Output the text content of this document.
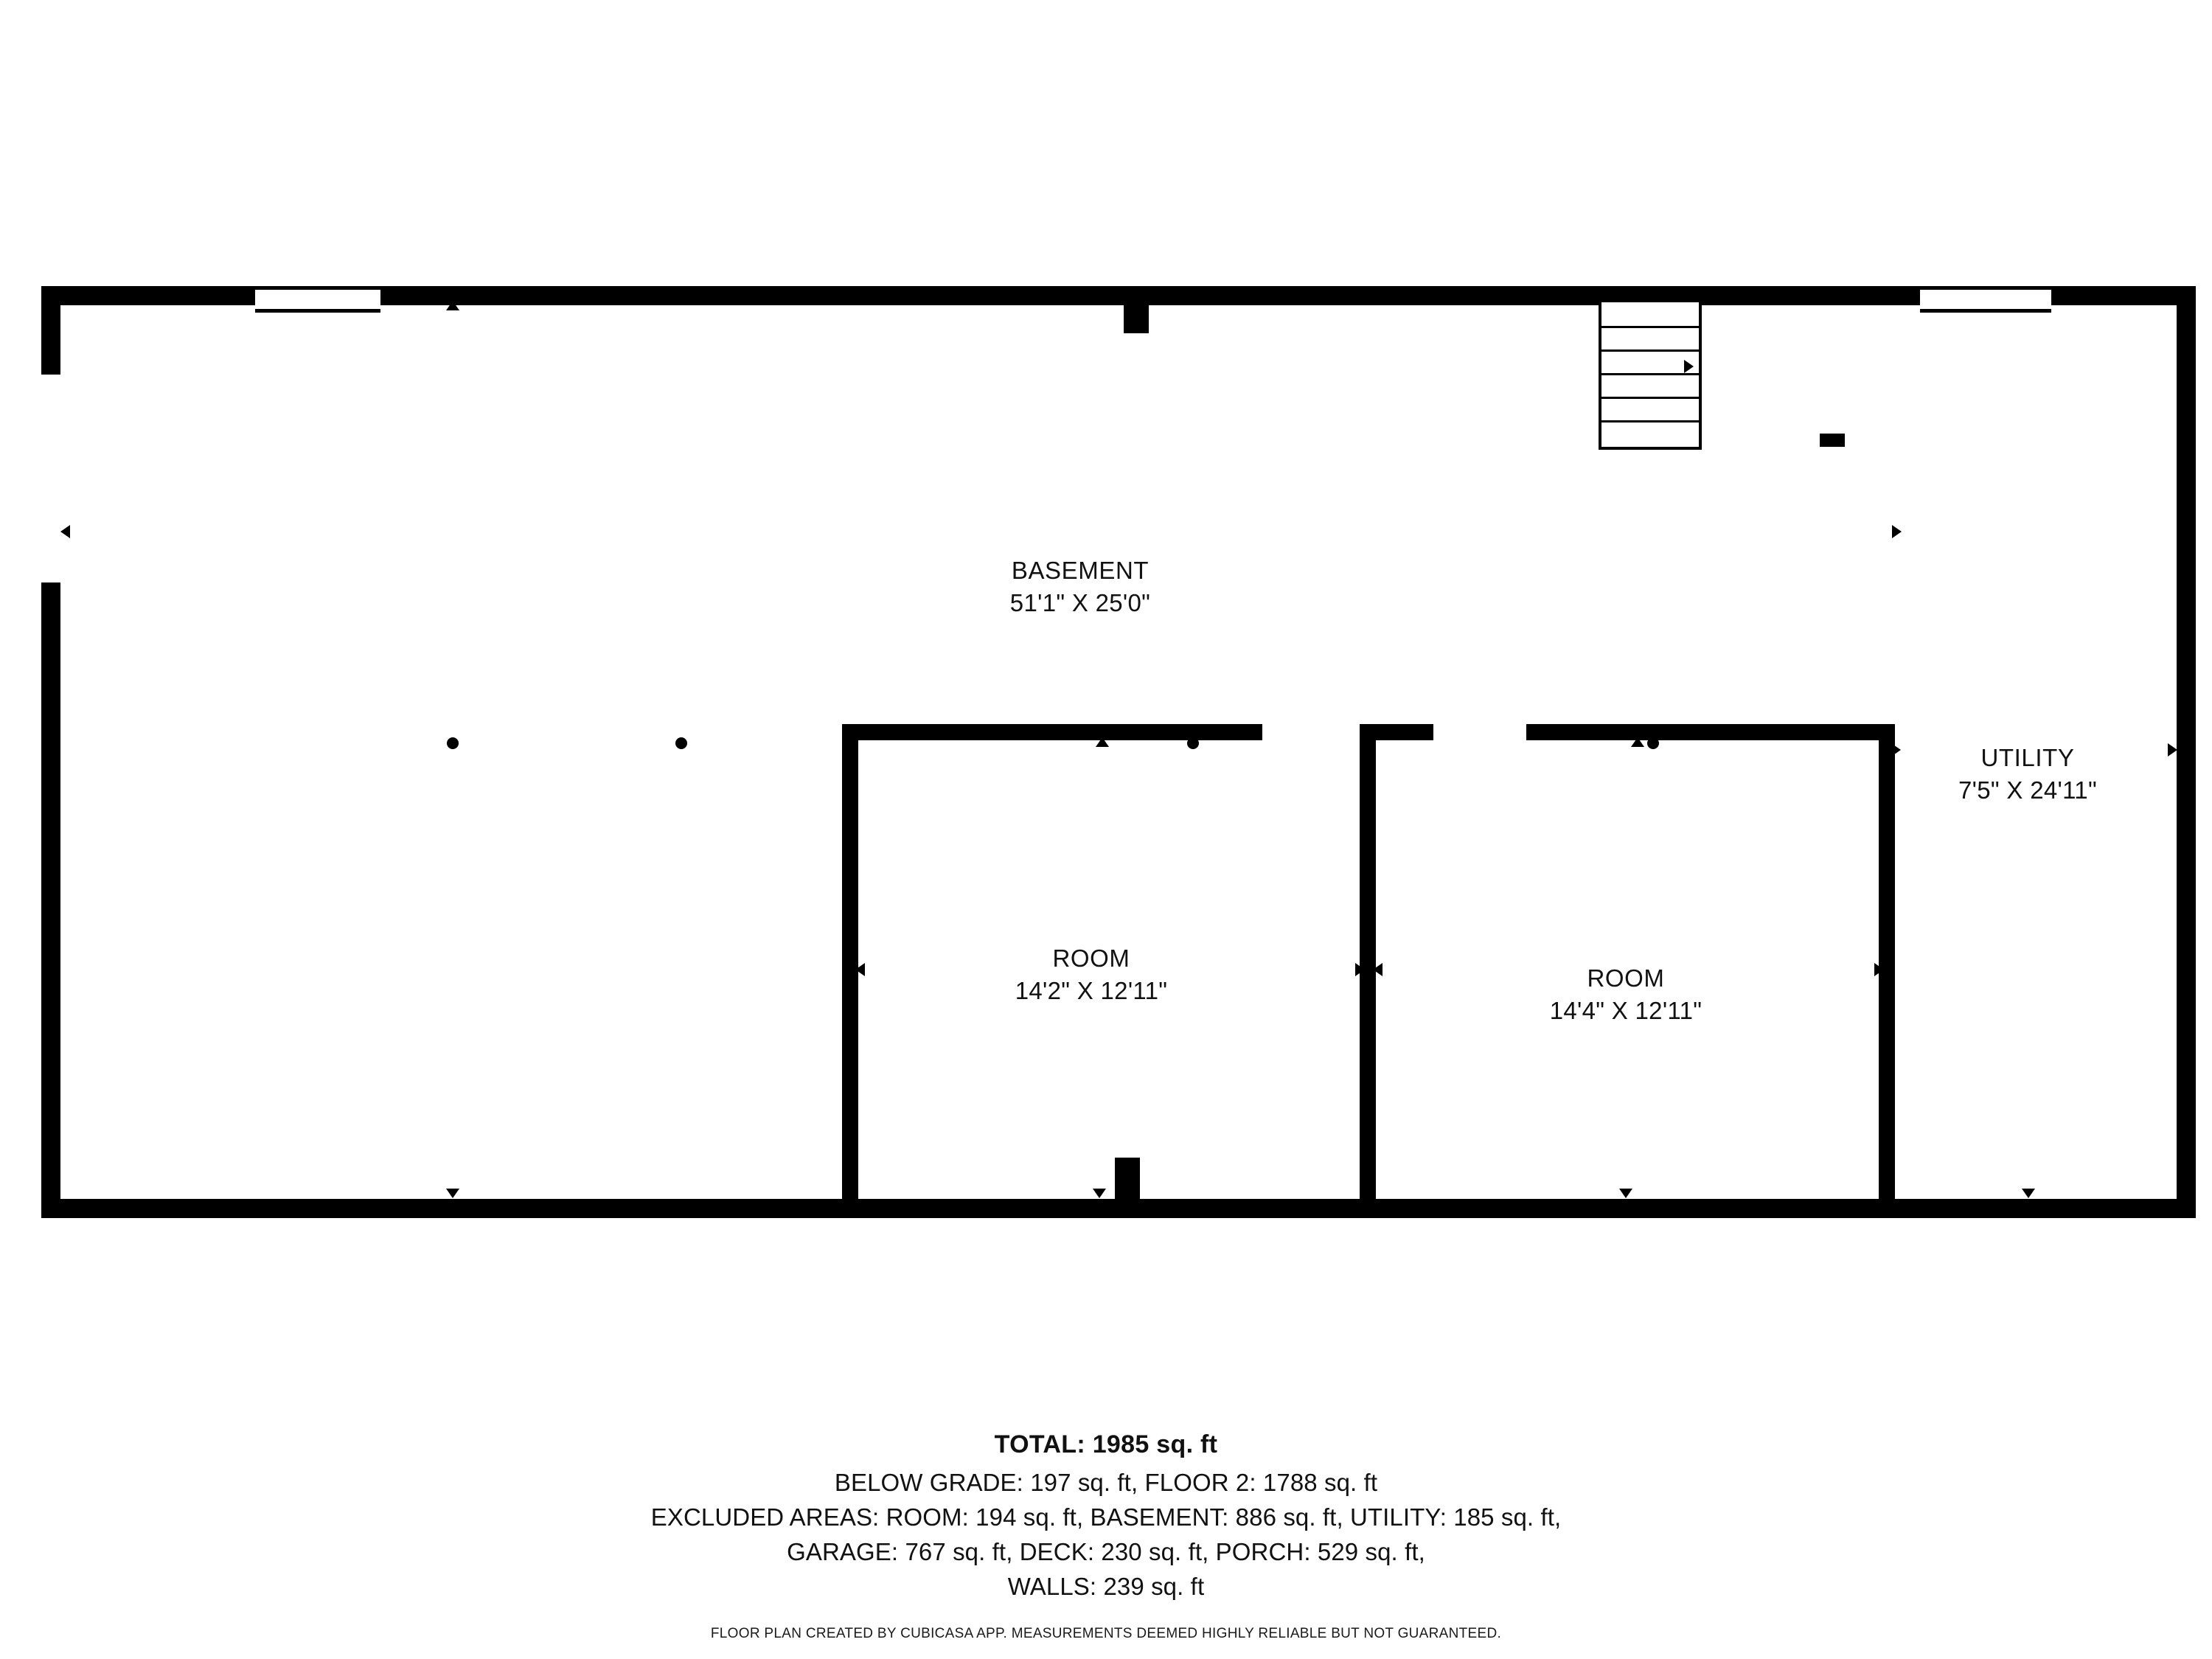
BASEMENT
51'1" X 25'0"
ROOM
14'2" X 12'11"	ROOM
14'4" X 12'11"
UTILITY
7'5" X 24'11"
TOTAL: 1985 sq. ft
BELOW GRADE: 197 sq. ft, FLOOR 2: 1788 sq. ft
EXCLUDED AREAS: ROOM: 194 sq. ft, BASEMENT: 886 sq. ft, UTILITY: 185 sq. ft,
GARAGE: 767 sq. ft, DECK: 230 sq. ft, PORCH: 529 sq. ft,
WALLS: 239 sq. ft
FLOOR PLAN CREATED BY CUBICASA APP. MEASUREMENTS DEEMED HIGHLY RELIABLE BUT NOT GUARANTEED.
